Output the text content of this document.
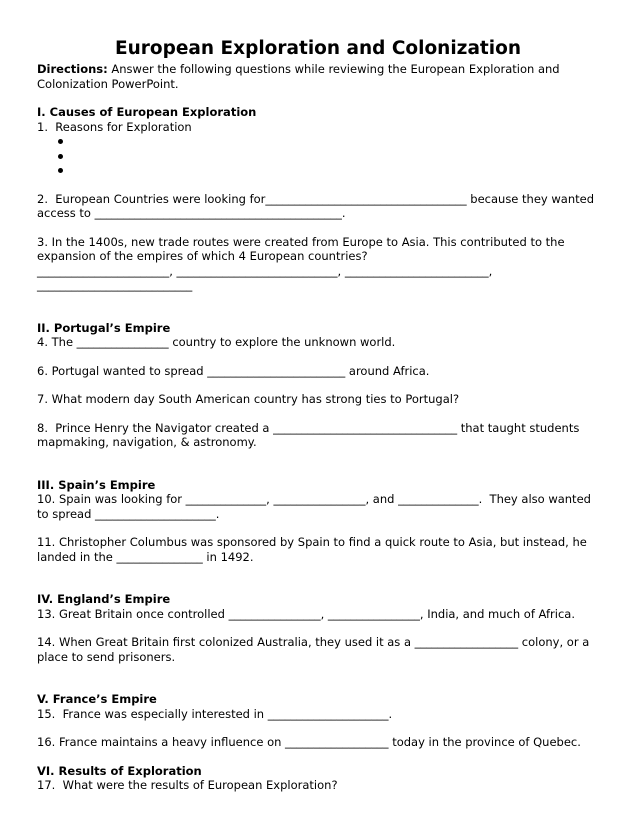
European Exploration and Colonization
Directions: Answer the following questions while reviewing the European Exploration and Colonization PowerPoint.
I. Causes of European Exploration
1.  Reasons for Exploration
2.  European Countries were looking for___________________________________ because they wanted
access to ___________________________________________.
3. In the 1400s, new trade routes were created from Europe to Asia. This contributed to the expansion of the empires of which 4 European countries?
_______________________, ____________________________, _________________________,
___________________________
II. Portugal’s Empire
4. The ________________ country to explore the unknown world.
6. Portugal wanted to spread ________________________ around Africa.
7. What modern day South American country has strong ties to Portugal?
8.  Prince Henry the Navigator created a ________________________________ that taught students mapmaking, navigation, & astronomy.
III. Spain’s Empire
10. Spain was looking for ______________, ________________, and ______________.  They also wanted to spread _____________________.
11. Christopher Columbus was sponsored by Spain to find a quick route to Asia, but instead, he landed in the _______________ in 1492.
IV. England’s Empire
13. Great Britain once controlled ________________, ________________, India, and much of Africa.
14. When Great Britain first colonized Australia, they used it as a __________________ colony, or a place to send prisoners.
V. France’s Empire
15.  France was especially interested in _____________________.
16. France maintains a heavy influence on __________________ today in the province of Quebec.
VI. Results of Exploration
17.  What were the results of European Exploration?
